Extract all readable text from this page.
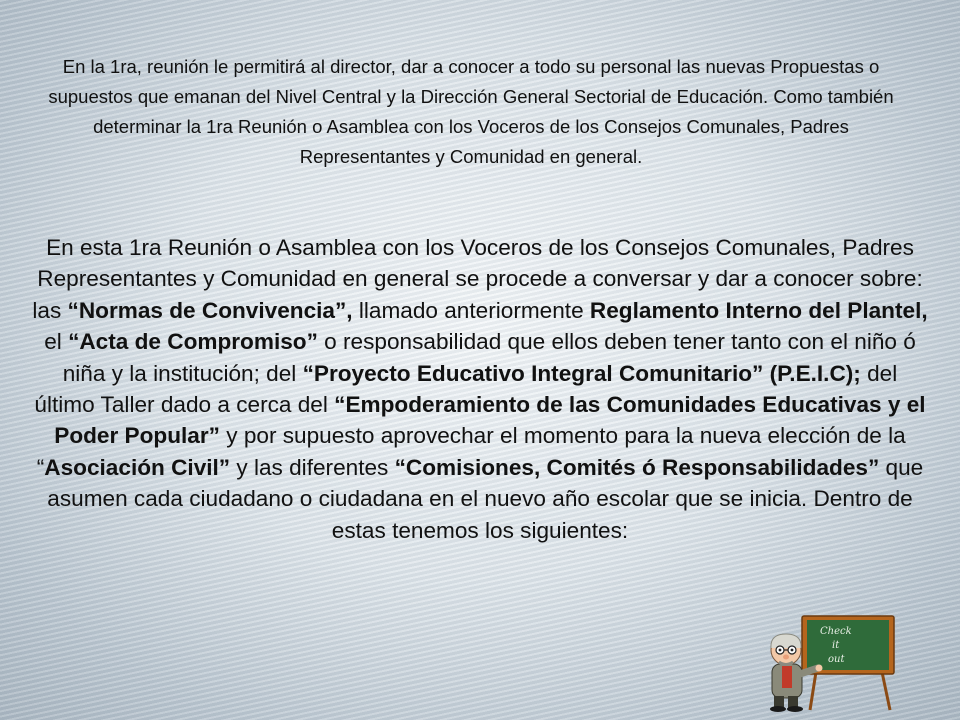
En la 1ra, reunión le permitirá al director, dar a conocer a todo su personal las nuevas Propuestas o supuestos que emanan del Nivel Central y la Dirección General Sectorial de Educación. Como también determinar la 1ra Reunión o Asamblea con los Voceros de los Consejos Comunales, Padres Representantes y Comunidad en general.

En esta 1ra Reunión o Asamblea con los Voceros de los Consejos Comunales, Padres Representantes y Comunidad en general se procede a conversar y dar a conocer sobre: las “Normas de Convivencia”, llamado anteriormente Reglamento Interno del Plantel, el “Acta de Compromiso” o responsabilidad que ellos deben tener tanto con el niño ó niña y la institución; del “Proyecto Educativo Integral Comunitario” (P.E.I.C); del último Taller dado a cerca del “Empoderamiento de las Comunidades Educativas y el Poder Popular” y por supuesto aprovechar el momento para la nueva elección de la “Asociación Civil” y las diferentes “Comisiones, Comités ó Responsabilidades” que asumen cada ciudadano o ciudadana en el nuevo año escolar que se inicia. Dentro de estas tenemos los siguientes:

Check
it
out
